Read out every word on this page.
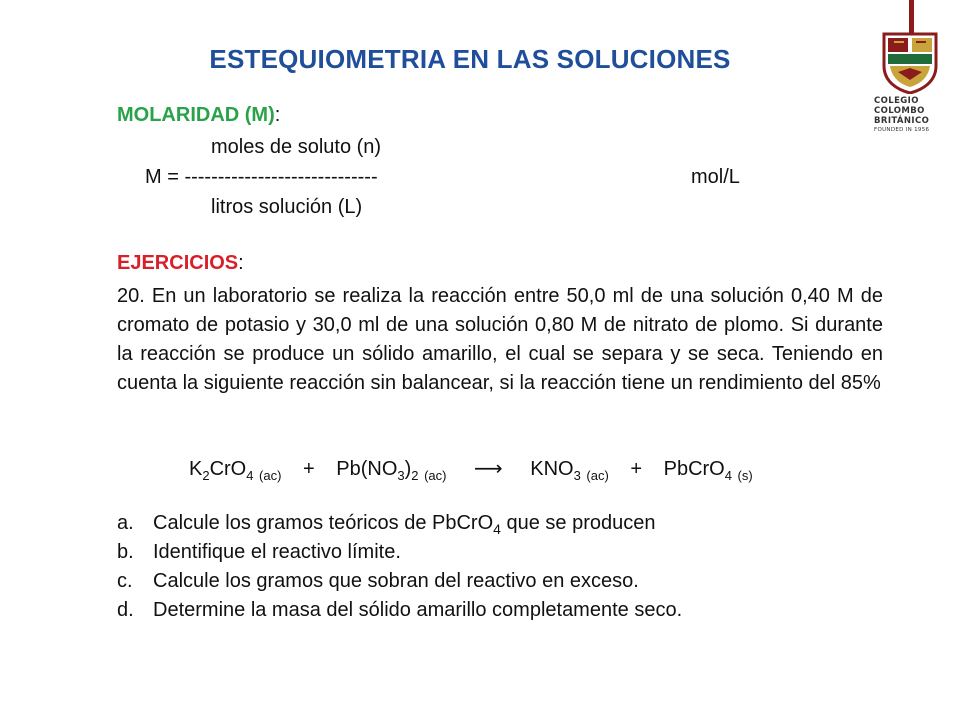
ESTEQUIOMETRIA EN LAS SOLUCIONES
COLEGIO
COLOMBO
BRITÁNICO
FOUNDED IN 1956
MOLARIDAD (M):
moles de soluto (n)
M = -----------------------------	mol/L
litros solución (L)
EJERCICIOS:
20. En un laboratorio se realiza la reacción entre 50,0 ml de una solución 0,40 M de cromato de potasio y 30,0 ml de una solución 0,80 M de nitrato de plomo. Si durante la reacción se produce un sólido amarillo, el cual se separa y se seca. Teniendo en cuenta la siguiente reacción sin balancear, si la reacción tiene un rendimiento del 85%
$K_2CrO_4$ $_{(ac)} + Pb(NO_3)_2$ $_{(ac)}$ ⟶ $KNO_3$ $_{(ac)}$ + PbCrO$_4$ $_{(s)}$
a. Calcule los gramos teóricos de PbCrO$_4$ que se producen
b. Identifique el reactivo límite.
c. Calcule los gramos que sobran del reactivo en exceso.
d. Determine la masa del sólido amarillo completamente seco.
